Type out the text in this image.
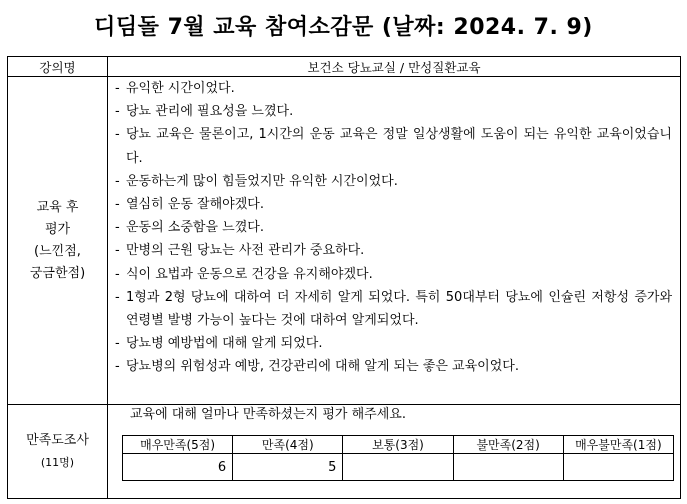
디딤돌 7월 교육 참여소감문 (날짜: 2024. 7. 9)
강의명	보건소 당뇨교실 / 만성질환교육

교육 후
평가
(느낀점,
궁금한점)

- 유익한 시간이었다.
- 당뇨 관리에 필요성을 느꼈다.
- 당뇨 교육은 물론이고, 1시간의 운동 교육은 정말 일상생활에 도움이 되는 유익한 교육이었습니다.
- 운동하는게 많이 힘들었지만 유익한 시간이었다.
- 열심히 운동 잘해야겠다.
- 운동의 소중함을 느꼈다.
- 만병의 근원 당뇨는 사전 관리가 중요하다.
- 식이 요법과 운동으로 건강을 유지해야겠다.
- 1형과 2형 당뇨에 대하여 더 자세히 알게 되었다. 특히 50대부터 당뇨에 인슐린 저항성 증가와 연령별 발병 가능이 높다는 것에 대하여 알게되었다.
- 당뇨병 예방법에 대해 알게 되었다.
- 당뇨병의 위험성과 예방, 건강관리에 대해 알게 되는 좋은 교육이었다.

만족도조사
(11명)

교육에 대해 얼마나 만족하셨는지 평가 해주세요.
매우만족(5점)	만족(4점)	보통(3점)	불만족(2점)	매우불만족(1점)
6	5			
